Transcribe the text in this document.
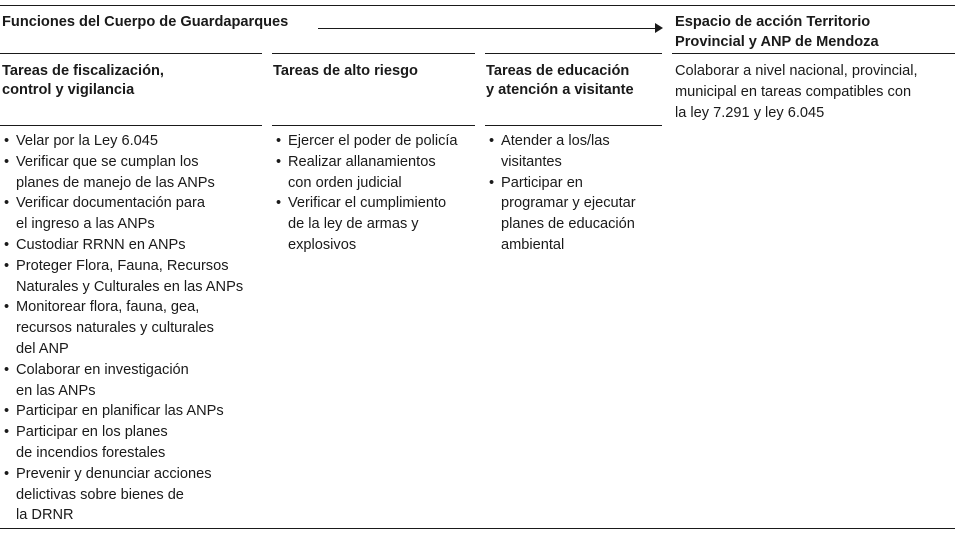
Funciones del Cuerpo de Guardaparques	Espacio de acción Territorio
Provincial y ANP de Mendoza
Tareas de fiscalización,
control y vigilancia
Tareas de alto riesgo	Tareas de educación
y atención a visitante
Colaborar a nivel nacional, provincial,
municipal en tareas compatibles con
la ley 7.291 y ley 6.045
• Velar por la Ley 6.045
• Verificar que se cumplan los
planes de manejo de las ANPs
• Verificar documentación para
el ingreso a las ANPs
• Custodiar RRNN en ANPs
• Proteger Flora, Fauna, Recursos
Naturales y Culturales en las ANPs
• Monitorear flora, fauna, gea,
recursos naturales y culturales
del ANP
• Colaborar en investigación
en las ANPs
• Participar en planificar las ANPs
• Participar en los planes
de incendios forestales
• Prevenir y denunciar acciones
delictivas sobre bienes de
la DRNR
• Ejercer el poder de policía
• Realizar allanamientos
con orden judicial
• Verificar el cumplimiento
de la ley de armas y
explosivos
• Atender a los/las
visitantes
• Participar en
programar y ejecutar
planes de educación
ambiental
